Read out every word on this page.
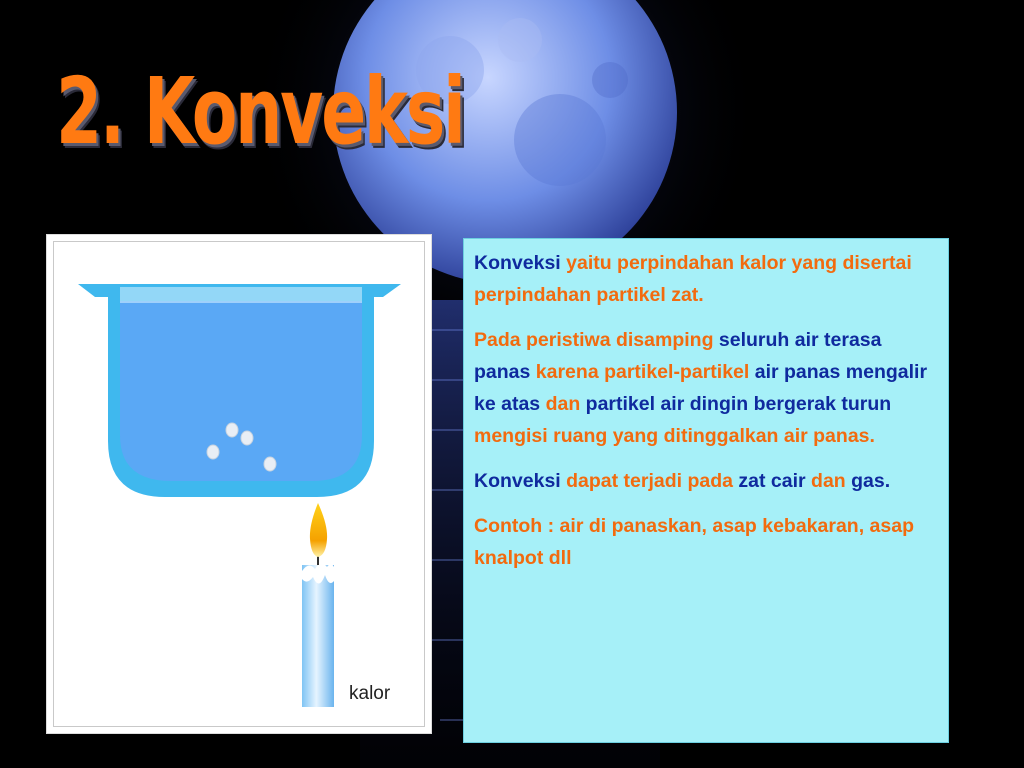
2. Konveksi
kalor

Konveksi yaitu perpindahan kalor yang disertai perpindahan partikel zat.

Pada peristiwa disamping seluruh air terasa panas karena partikel-partikel air panas mengalir ke atas dan partikel air dingin bergerak turun mengisi ruang yang ditinggalkan air panas.

Konveksi dapat terjadi pada zat cair dan gas.

Contoh : air di panaskan, asap kebakaran, asap knalpot dll
